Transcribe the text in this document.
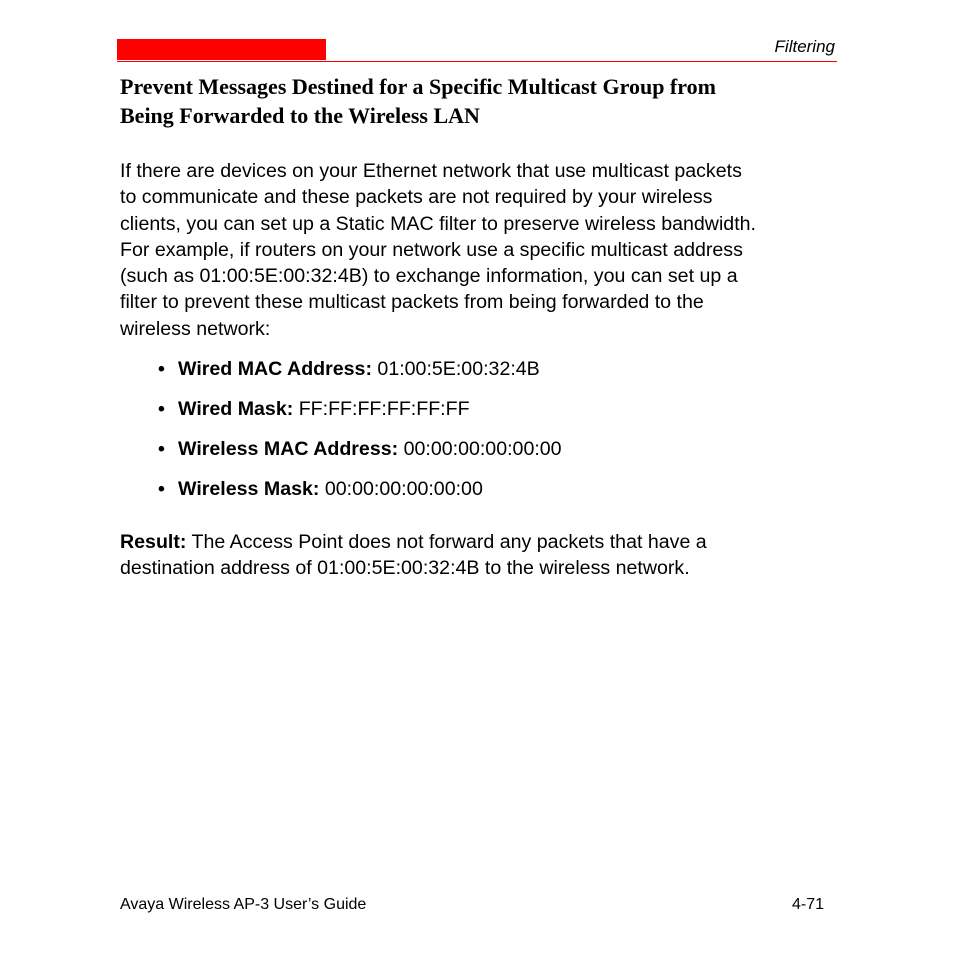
Filtering
Prevent Messages Destined for a Specific Multicast Group from
Being Forwarded to the Wireless LAN

If there are devices on your Ethernet network that use multicast packets
to communicate and these packets are not required by your wireless
clients, you can set up a Static MAC filter to preserve wireless bandwidth.
For example, if routers on your network use a specific multicast address
(such as 01:00:5E:00:32:4B) to exchange information, you can set up a
filter to prevent these multicast packets from being forwarded to the
wireless network:

• Wired MAC Address: 01:00:5E:00:32:4B
• Wired Mask: FF:FF:FF:FF:FF:FF
• Wireless MAC Address: 00:00:00:00:00:00
• Wireless Mask: 00:00:00:00:00:00

Result: The Access Point does not forward any packets that have a
destination address of 01:00:5E:00:32:4B to the wireless network.

Avaya Wireless AP-3 User’s Guide	4-71
